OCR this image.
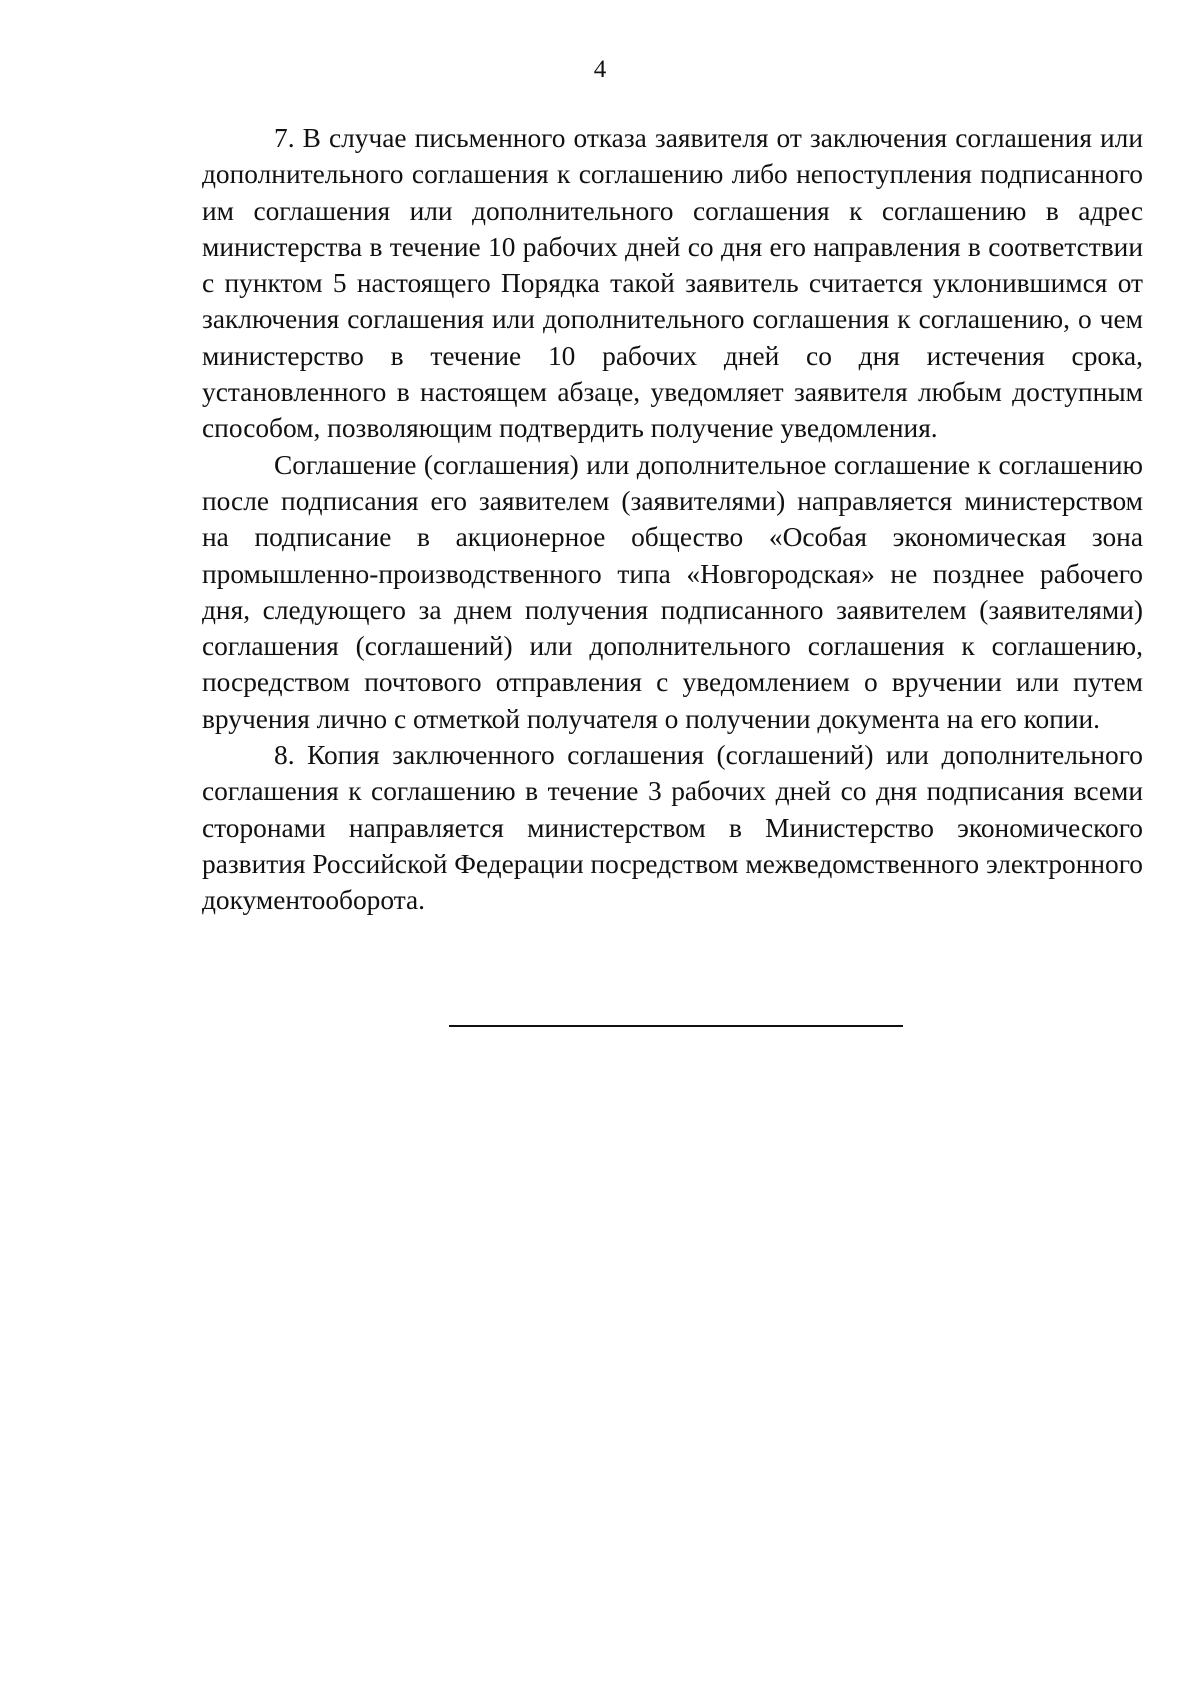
4

7. В случае письменного отказа заявителя от заключения соглашения или дополнительного соглашения к соглашению либо непоступления подписанного им соглашения или дополнительного соглашения к соглашению в адрес министерства в течение 10 рабочих дней со дня его направления в соответствии с пунктом 5 настоящего Порядка такой заявитель считается уклонившимся от заключения соглашения или дополнительного соглашения к соглашению, о чем министерство в течение 10 рабочих дней со дня истечения срока, установленного в настоящем абзаце, уведомляет заявителя любым доступным способом, позволяющим подтвердить получение уведомления.

Соглашение (соглашения) или дополнительное соглашение к соглашению после подписания его заявителем (заявителями) направляется министерством на подписание в акционерное общество «Особая экономическая зона промышленно-производственного типа «Новгородская» не позднее рабочего дня, следующего за днем получения подписанного заявителем (заявителями) соглашения (соглашений) или дополнительного соглашения к соглашению, посредством почтового отправления с уведомлением о вручении или путем вручения лично с отметкой получателя о получении документа на его копии.

8. Копия заключенного соглашения (соглашений) или дополнительного соглашения к соглашению в течение 3 рабочих дней со дня подписания всеми сторонами направляется министерством в Министерство экономического развития Российской Федерации посредством межведомственного электронного документооборота.
